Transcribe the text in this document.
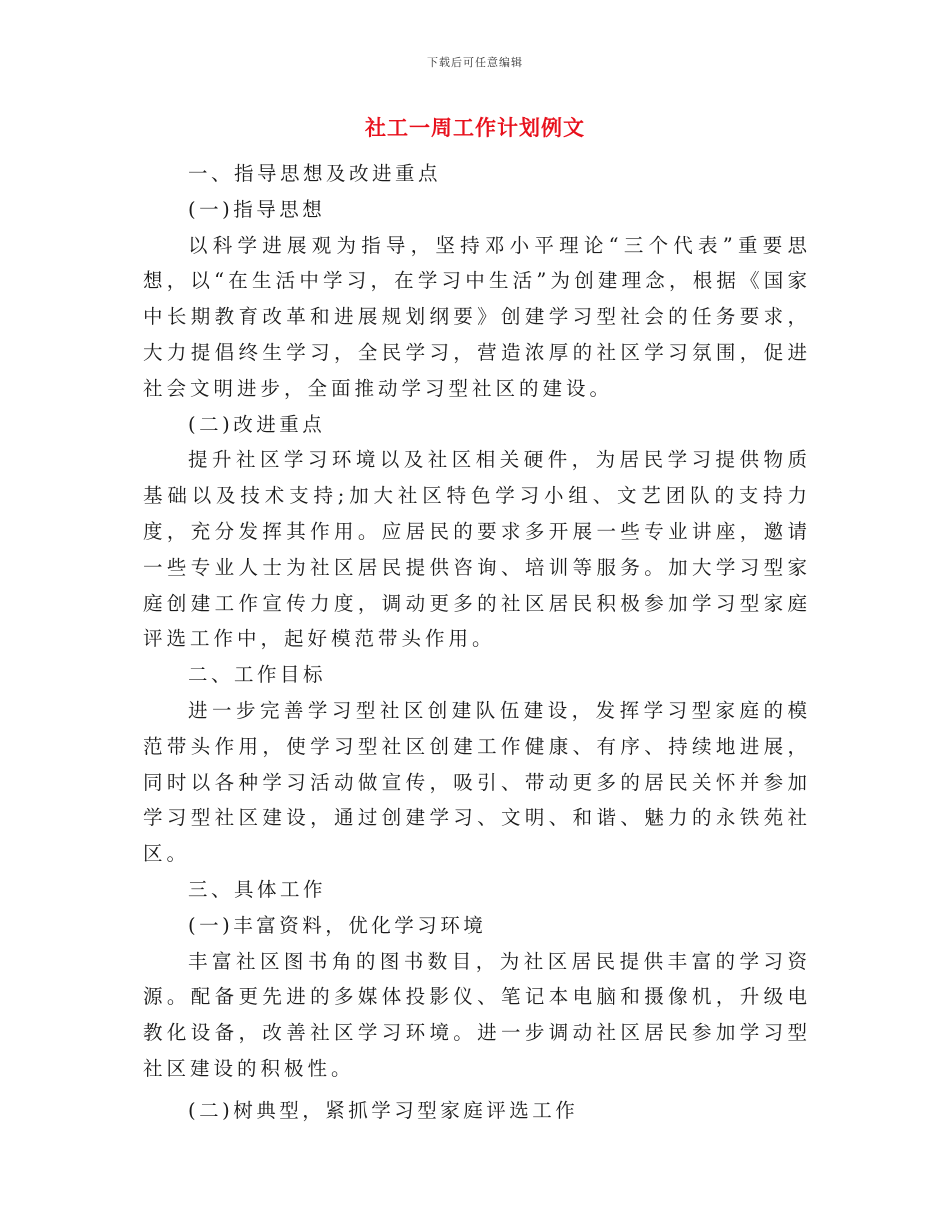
下载后可任意编辑
社工一周工作计划例文

一、指导思想及改进重点

(一)指导思想

以科学进展观为指导，坚持邓小平理论“三个代表”重要思想，以“在生活中学习，在学习中生活”为创建理念，根据《国家中长期教育改革和进展规划纲要》创建学习型社会的任务要求，大力提倡终生学习，全民学习，营造浓厚的社区学习氛围，促进社会文明进步，全面推动学习型社区的建设。

(二)改进重点

提升社区学习环境以及社区相关硬件，为居民学习提供物质基础以及技术支持;加大社区特色学习小组、文艺团队的支持力度，充分发挥其作用。应居民的要求多开展一些专业讲座，邀请一些专业人士为社区居民提供咨询、培训等服务。加大学习型家庭创建工作宣传力度，调动更多的社区居民积极参加学习型家庭评选工作中，起好模范带头作用。

二、工作目标

进一步完善学习型社区创建队伍建设，发挥学习型家庭的模范带头作用，使学习型社区创建工作健康、有序、持续地进展，同时以各种学习活动做宣传，吸引、带动更多的居民关怀并参加学习型社区建设，通过创建学习、文明、和谐、魅力的永铁苑社区。

三、具体工作

(一)丰富资料，优化学习环境

丰富社区图书角的图书数目，为社区居民提供丰富的学习资源。配备更先进的多媒体投影仪、笔记本电脑和摄像机，升级电教化设备，改善社区学习环境。进一步调动社区居民参加学习型社区建设的积极性。

(二)树典型，紧抓学习型家庭评选工作
